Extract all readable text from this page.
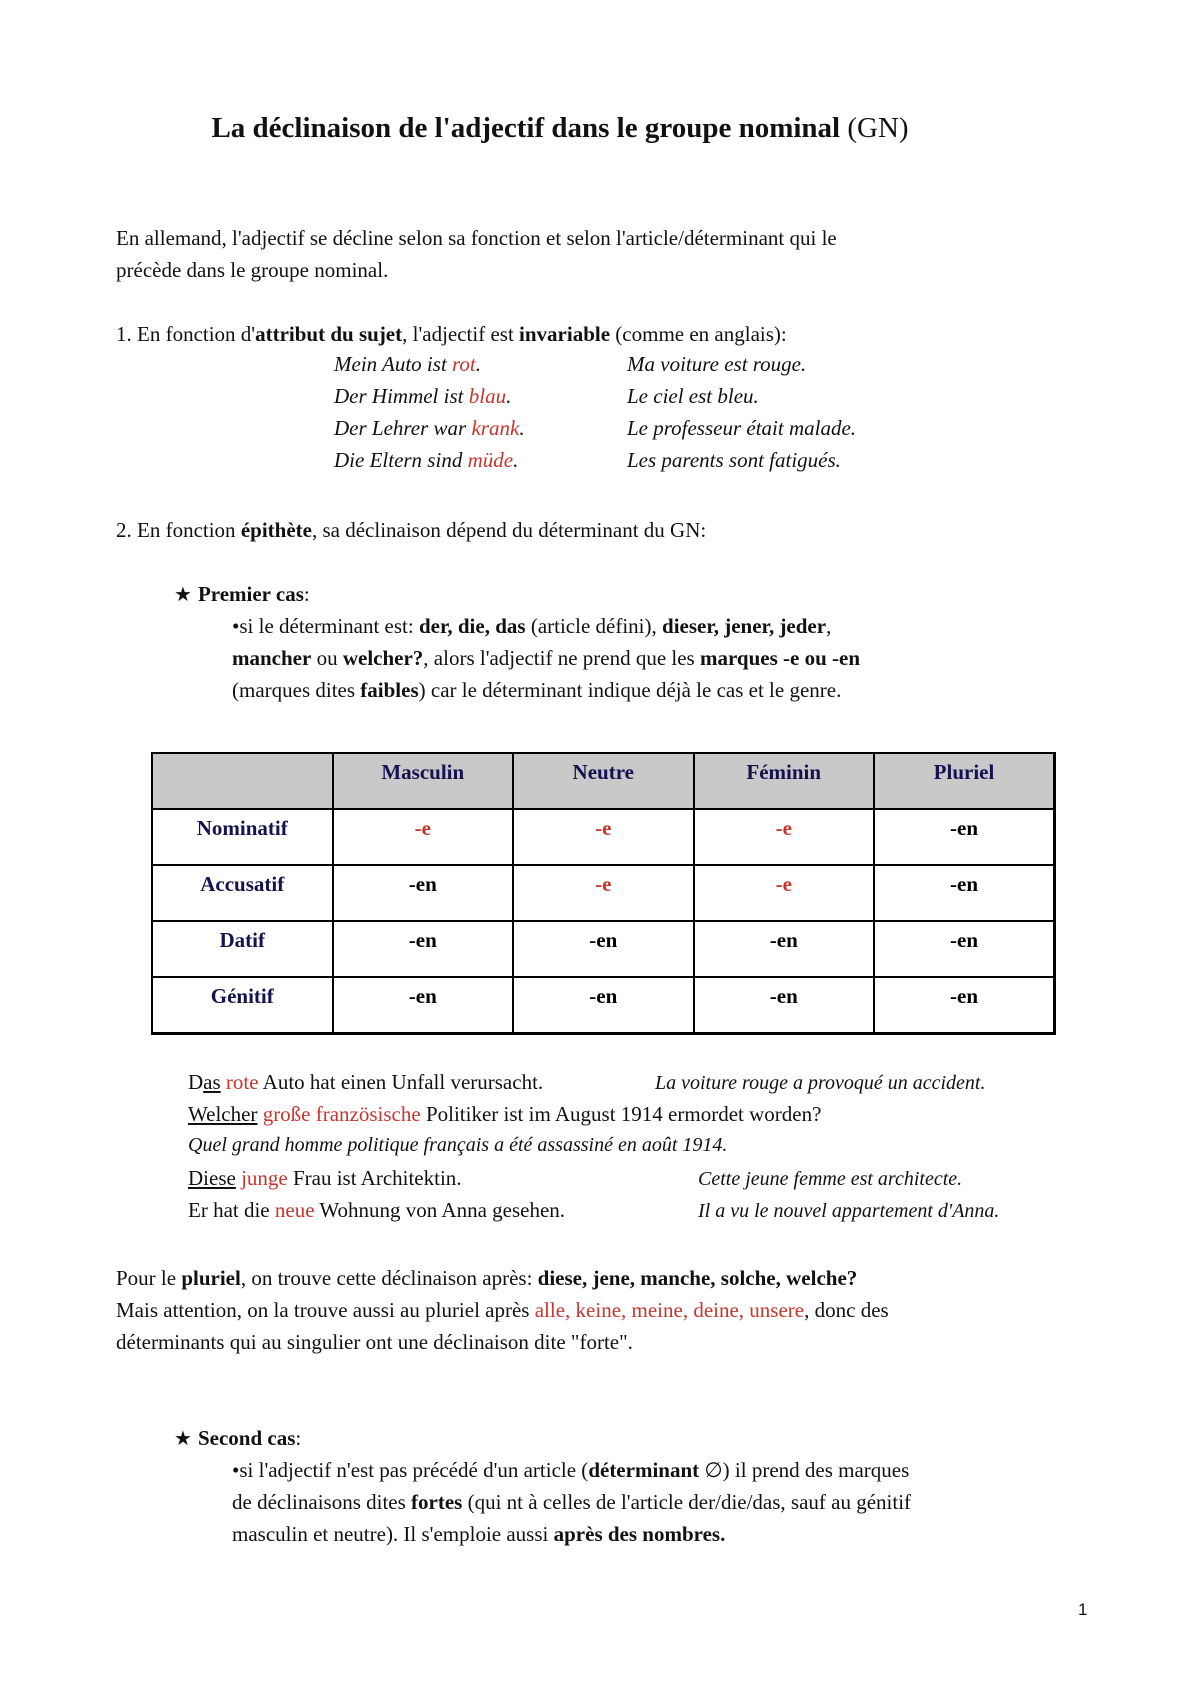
La déclinaison de l'adjectif dans le groupe nominal (GN)

En allemand, l'adjectif se décline selon sa fonction et selon l'article/déterminant qui le

précède dans le groupe nominal.

1. En fonction d'attribut du sujet, l'adjectif est invariable (comme en anglais):

Mein Auto ist rot.	Ma voiture est rouge.

Der Himmel ist blau.	Le ciel est bleu.

Der Lehrer war krank.	Le professeur était malade.

Die Eltern sind müde.	Les parents sont fatigués.

2. En fonction épithète, sa déclinaison dépend du déterminant du GN:

★ Premier cas:

•si le déterminant est: der, die, das (article défini), dieser, jener, jeder,

mancher ou welcher?, alors l'adjectif ne prend que les marques -e ou -en

(marques dites faibles) car le déterminant indique déjà le cas et le genre.

	Masculin	Neutre	Féminin	Pluriel
Nominatif	-e	-e	-e	-en
Accusatif	-en	-e	-e	-en
Datif	-en	-en	-en	-en
Génitif	-en	-en	-en	-en

Das rote Auto hat einen Unfall verursacht.	La voiture rouge a provoqué un accident.

Welcher große französische Politiker ist im August 1914 ermordet worden?

Quel grand homme politique français a été assassiné en août 1914.

Diese junge Frau ist Architektin.	Cette jeune femme est architecte.

Er hat die neue Wohnung von Anna gesehen.	Il a vu le nouvel appartement d'Anna.

Pour le pluriel, on trouve cette déclinaison après: diese, jene, manche, solche, welche?

Mais attention, on la trouve aussi au pluriel après alle, keine, meine, deine, unsere, donc des

déterminants qui au singulier ont une déclinaison dite "forte".

★ Second cas:

•si l'adjectif n'est pas précédé d'un article (déterminant ∅) il prend des marques

de déclinaisons dites fortes (qui nt à celles de l'article der/die/das, sauf au génitif

masculin et neutre). Il s'emploie aussi après des nombres.

1
